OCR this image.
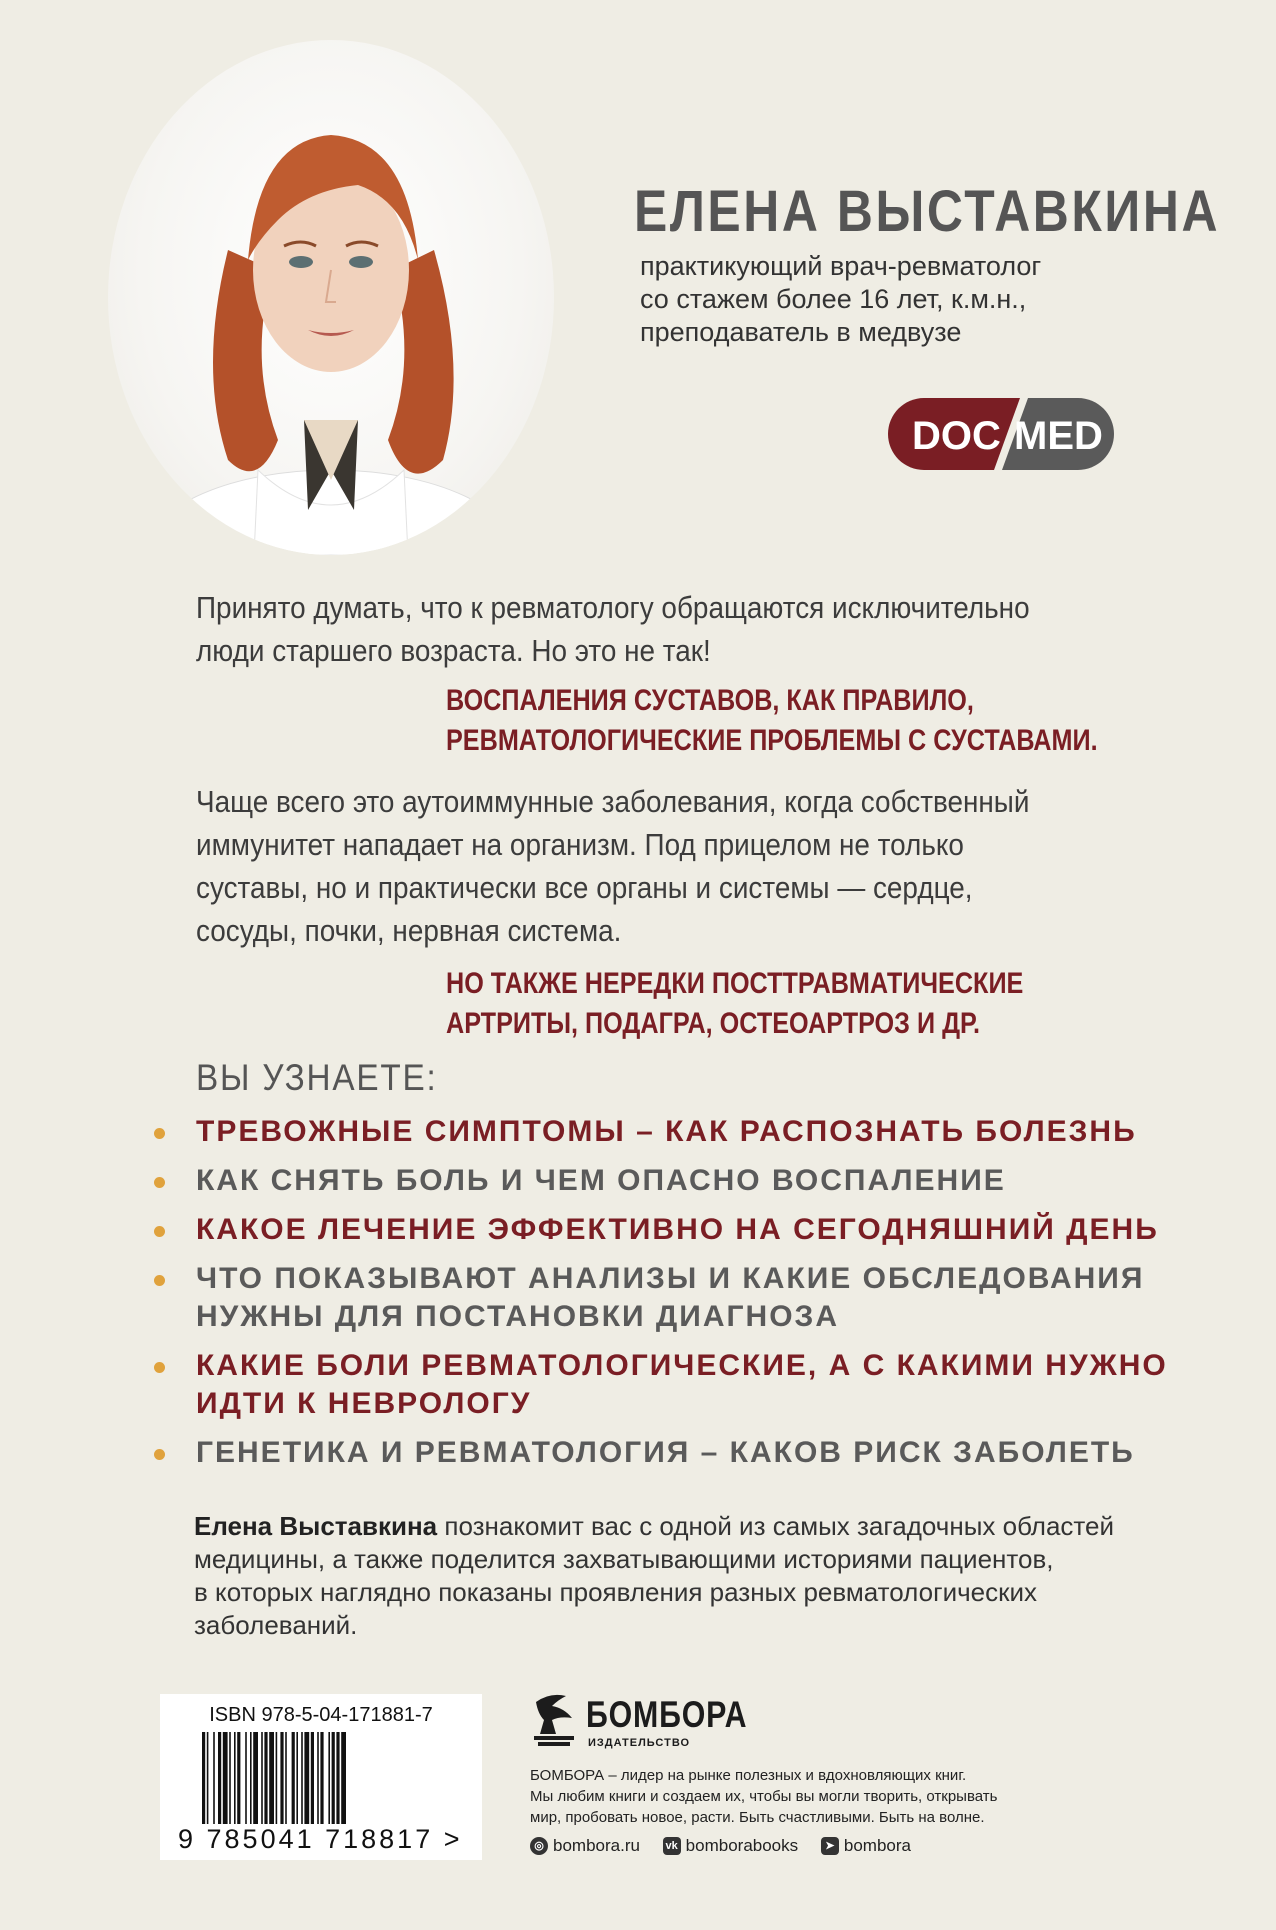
ЕЛЕНА ВЫСТАВКИНА
практикующий врач-ревматолог
со стажем более 16 лет, к.м.н.,
преподаватель в медвузе
DOC MED
Принято думать, что к ревматологу обращаются исключительно
люди старшего возраста. Но это не так!
ВОСПАЛЕНИЯ СУСТАВОВ, КАК ПРАВИЛО,
РЕВМАТОЛОГИЧЕСКИЕ ПРОБЛЕМЫ С СУСТАВАМИ.
Чаще всего это аутоиммунные заболевания, когда собственный
иммунитет нападает на организм. Под прицелом не только
суставы, но и практически все органы и системы — сердце,
сосуды, почки, нервная система.
НО ТАКЖЕ НЕРЕДКИ ПОСТТРАВМАТИЧЕСКИЕ
АРТРИТЫ, ПОДАГРА, ОСТЕОАРТРОЗ И ДР.
ВЫ УЗНАЕТЕ:
ТРЕВОЖНЫЕ СИМПТОМЫ – КАК РАСПОЗНАТЬ БОЛЕЗНЬ
КАК СНЯТЬ БОЛЬ И ЧЕМ ОПАСНО ВОСПАЛЕНИЕ
КАКОЕ ЛЕЧЕНИЕ ЭФФЕКТИВНО НА СЕГОДНЯШНИЙ ДЕНЬ
ЧТО ПОКАЗЫВАЮТ АНАЛИЗЫ И КАКИЕ ОБСЛЕДОВАНИЯ
НУЖНЫ ДЛЯ ПОСТАНОВКИ ДИАГНОЗА
КАКИЕ БОЛИ РЕВМАТОЛОГИЧЕСКИЕ, А С КАКИМИ НУЖНО
ИДТИ К НЕВРОЛОГУ
ГЕНЕТИКА И РЕВМАТОЛОГИЯ – КАКОВ РИСК ЗАБОЛЕТЬ
Елена Выставкина познакомит вас с одной из самых загадочных областей
медицины, а также поделится захватывающими историями пациентов,
в которых наглядно показаны проявления разных ревматологических
заболеваний.
ISBN 978-5-04-171881-7
9 785041 718817 >
БОМБОРА
ИЗДАТЕЛЬСТВО
БОМБОРА – лидер на рынке полезных и вдохновляющих книг.
Мы любим книги и создаем их, чтобы вы могли творить, открывать
мир, пробовать новое, расти. Быть счастливыми. Быть на волне.
◎ bombora.ru
vk bomborabooks
	➤ bombora
